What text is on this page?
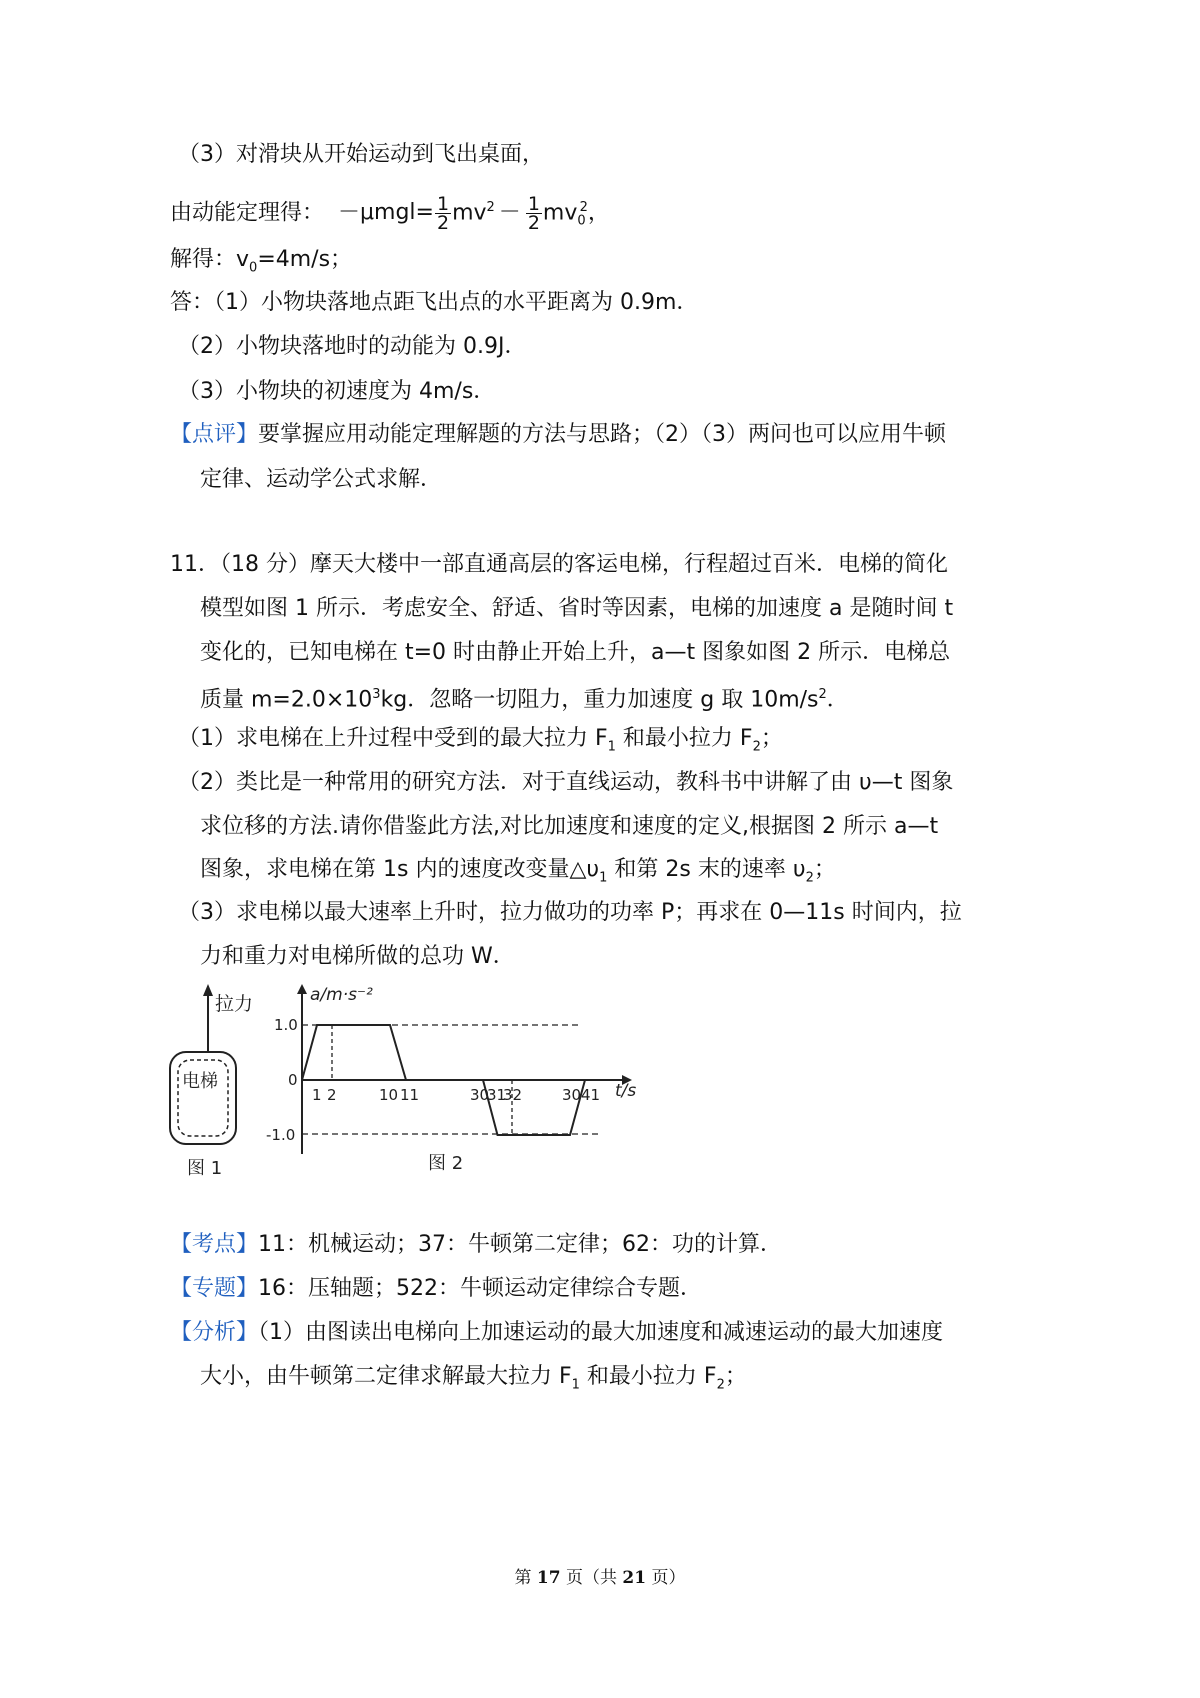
（3）对滑块从开始运动到飞出桌面，
由动能定理得： $-\mu mgl= \frac{1}{2} mv^2 - \frac{1}{2} mv_0^2$，
解得：$v_0=4m/s$；
答：（1）小物块落地点距飞出点的水平距离为 0.9m．
（2）小物块落地时的动能为 0.9J．
（3）小物块的初速度为 4m/s．
【点评】要掌握应用动能定理解题的方法与思路；（2）（3）两问也可以应用牛顿
定律、运动学公式求解．
11．（18 分）摩天大楼中一部直通高层的客运电梯，行程超过百米．电梯的简化
模型如图 1 所示．考虑安全、舒适、省时等因素，电梯的加速度 a 是随时间 t
变化的，已知电梯在 t=0 时由静止开始上升，a—t 图象如图 2 所示．电梯总
质量 $m=2.0\times 10^3kg$．忽略一切阻力，重力加速度 g 取 $10m/s^2$．
（1）求电梯在上升过程中受到的最大拉力 $F_1$ 和最小拉力 $F_2$；
（2）类比是一种常用的研究方法．对于直线运动，教科书中讲解了由 υ—t 图象
求位移的方法.请你借鉴此方法,对比加速度和速度的定义,根据图 2 所示 a—t
图象，求电梯在第 1s 内的速度改变量$\triangle\upsilon_1$ 和第 2s 末的速率 $\upsilon_2$；
（3）求电梯以最大速率上升时，拉力做功的功率 P；再求在 0—11s 时间内，拉
力和重力对电梯所做的总功 W．
拉力
电梯
图 1
a/m·s⁻²
t/s
1.0
0
-1.0
1 2	10 11	30
31
32	30 41
图 2
【考点】11：机械运动；37：牛顿第二定律；62：功的计算．
【专题】16：压轴题；522：牛顿运动定律综合专题．
【分析】（1）由图读出电梯向上加速运动的最大加速度和减速运动的最大加速度
大小，由牛顿第二定律求解最大拉力 $F_1$ 和最小拉力 $F_2$；
第 17 页（共 21 页）
